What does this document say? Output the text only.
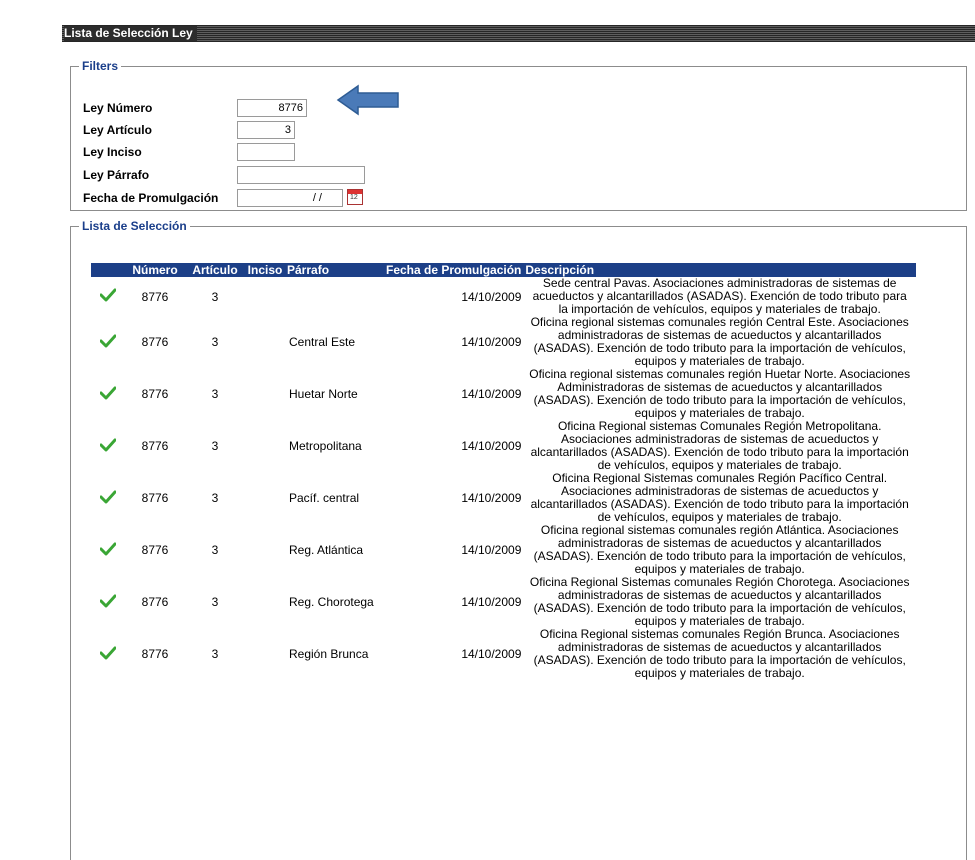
Lista de Selección Ley
Filters
Ley Número
8776
Ley Artículo
3
Ley Inciso
Ley Párrafo
Fecha de Promulgación
/ /	12
Lista de Selección
	Número	Artículo	Inciso	Párrafo	Fecha de Promulgación	Descripción
	8776	3			14/10/2009	Sede central Pavas. Asociaciones administradoras de sistemas de acueductos y alcantarillados (ASADAS). Exención de todo tributo para la importación de vehículos, equipos y materiales de trabajo.
	8776	3		Central Este	14/10/2009	Oficina regional sistemas comunales región Central Este. Asociaciones administradoras de sistemas de acueductos y alcantarillados (ASADAS). Exención de todo tributo para la importación de vehículos, equipos y materiales de trabajo.
	8776	3		Huetar Norte	14/10/2009	Oficina regional sistemas comunales región Huetar Norte. Asociaciones Administradoras de sistemas de acueductos y alcantarillados (ASADAS). Exención de todo tributo para la importación de vehículos, equipos y materiales de trabajo.
	8776	3		Metropolitana	14/10/2009	Oficina Regional sistemas Comunales Región Metropolitana. Asociaciones administradoras de sistemas de acueductos y alcantarillados (ASADAS). Exención de todo tributo para la importación de vehículos, equipos y materiales de trabajo.
	8776	3		Pacíf. central	14/10/2009	Oficina Regional Sistemas comunales Región Pacífico Central. Asociaciones administradoras de sistemas de acueductos y alcantarillados (ASADAS). Exención de todo tributo para la importación de vehículos, equipos y materiales de trabajo.
	8776	3		Reg. Atlántica	14/10/2009	Oficina regional sistemas comunales región Atlántica. Asociaciones administradoras de sistemas de acueductos y alcantarillados (ASADAS). Exención de todo tributo para la importación de vehículos, equipos y materiales de trabajo.
	8776	3		Reg. Chorotega	14/10/2009	Oficina Regional Sistemas comunales Región Chorotega. Asociaciones administradoras de sistemas de acueductos y alcantarillados (ASADAS). Exención de todo tributo para la importación de vehículos, equipos y materiales de trabajo.
	8776	3		Región Brunca	14/10/2009	Oficina Regional sistemas comunales Región Brunca. Asociaciones administradoras de sistemas de acueductos y alcantarillados (ASADAS). Exención de todo tributo para la importación de vehículos, equipos y materiales de trabajo.
